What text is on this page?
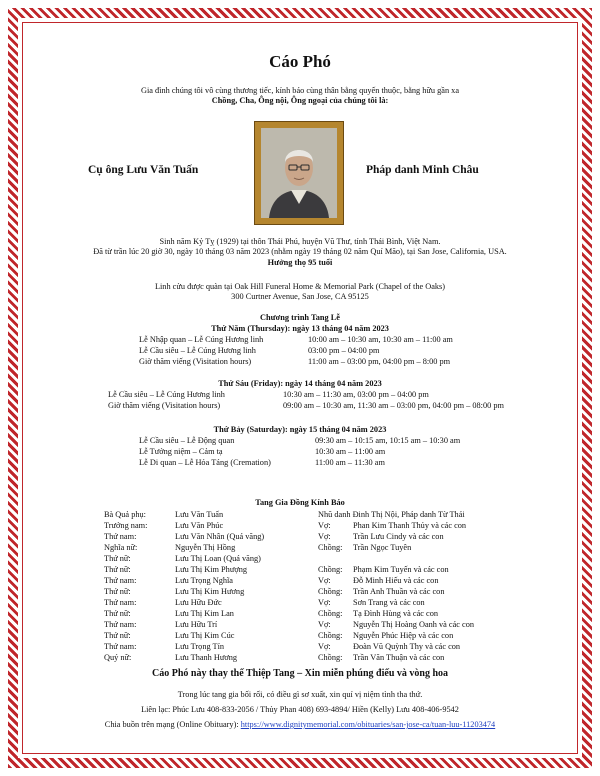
Cáo Phó
Gia đình chúng tôi vô cùng thương tiếc, kính báo cùng thân bằng quyến thuộc, bằng hữu gần xa
Chồng, Cha, Ông nội, Ông ngoại của chúng tôi là:
Cụ ông Lưu Văn Tuấn	Pháp danh Minh Châu
Sinh năm Kỷ Tỵ (1929) tại thôn Thái Phú, huyện Vũ Thư, tỉnh Thái Bình, Việt Nam.
Đã từ trần lúc 20 giờ 30, ngày 10 tháng 03 năm 2023 (nhằm ngày 19 tháng 02 năm Quí Mão), tại San Jose, California, USA.
Hưởng thọ 95 tuổi
Linh cửu được quàn tại Oak Hill Funeral Home & Memorial Park (Chapel of the Oaks)
300 Curtner Avenue, San Jose, CA 95125
Chương trình Tang Lễ
Thứ Năm (Thursday): ngày 13 tháng 04 năm 2023
Lễ Nhập quan – Lễ Cúng Hương linh	10:00 am – 10:30 am, 10:30 am – 11:00 am
Lễ Cầu siêu – Lễ Cúng Hương linh	03:00 pm – 04:00 pm
Giờ thăm viếng (Visitation hours)	11:00 am – 03:00 pm, 04:00 pm – 8:00 pm
Thứ Sáu (Friday): ngày 14 tháng 04 năm 2023
Lễ Cầu siêu – Lễ Cúng Hương linh	10:30 am – 11:30 am, 03:00 pm – 04:00 pm
Giờ thăm viếng (Visitation hours)	09:00 am – 10:30 am, 11:30 am – 03:00 pm, 04:00 pm – 08:00 pm
Thứ Bảy (Saturday): ngày 15 tháng 04 năm 2023
Lễ Cầu siêu – Lễ Động quan	09:30 am – 10:15 am, 10:15 am – 10:30 am
Lễ Tưởng niệm – Cảm tạ	10:30 am – 11:00 am
Lễ Di quan – Lễ Hỏa Táng (Cremation)	11:00 am – 11:30 am
Tang Gia Đồng Kính Báo
Bà Quả phụ:	Lưu Văn Tuấn	Nhũ danh Đinh Thị Nội, Pháp danh Từ Thái
Trưởng nam:	Lưu Văn Phúc	Vợ:	Phan Kim Thanh Thủy và các con
Thứ nam:	Lưu Văn Nhân (Quá vãng)	Vợ:	Trần Lưu Cindy và các con
Nghĩa nữ:	Nguyễn Thị Hồng	Chồng: Trần Ngọc Tuyên
Thứ nữ:	Lưu Thị Loan (Quá vãng)
Thứ nữ:	Lưu Thị Kim Phượng	Chồng: Phạm Kim Tuyến và các con
Thứ nam:	Lưu Trọng Nghĩa	Vợ:	Đỗ Minh Hiếu và các con
Thứ nữ:	Lưu Thị Kim Hương	Chồng: Trần Anh Thuần và các con
Thứ nam:	Lưu Hữu Đức	Vợ:	Sơn Trang và các con
Thứ nữ:	Lưu Thị Kim Lan	Chồng: Tạ Đình Hùng và các con
Thứ nam:	Lưu Hữu Trí	Vợ:	Nguyễn Thị Hoàng Oanh và các con
Thứ nữ:	Lưu Thị Kim Cúc	Chồng: Nguyễn Phúc Hiệp và các con
Thứ nam:	Lưu Trọng Tín	Vợ:	Đoàn Vũ Quỳnh Thy và các con
Quý nữ:	Lưu Thanh Hương	Chồng: Trần Văn Thuận và các con
Cáo Phó này thay thế Thiệp Tang – Xin miễn phúng điếu và vòng hoa
Trong lúc tang gia bối rối, có điều gì sơ xuất, xin quí vị niệm tình tha thứ.
Liên lạc: Phúc Lưu 408-833-2056 / Thủy Phan 408) 693-4894/ Hiền (Kelly) Lưu 408-406-9542
Chia buồn trên mạng (Online Obituary): https://www.dignitymemorial.com/obituaries/san-jose-ca/tuan-luu-11203474
